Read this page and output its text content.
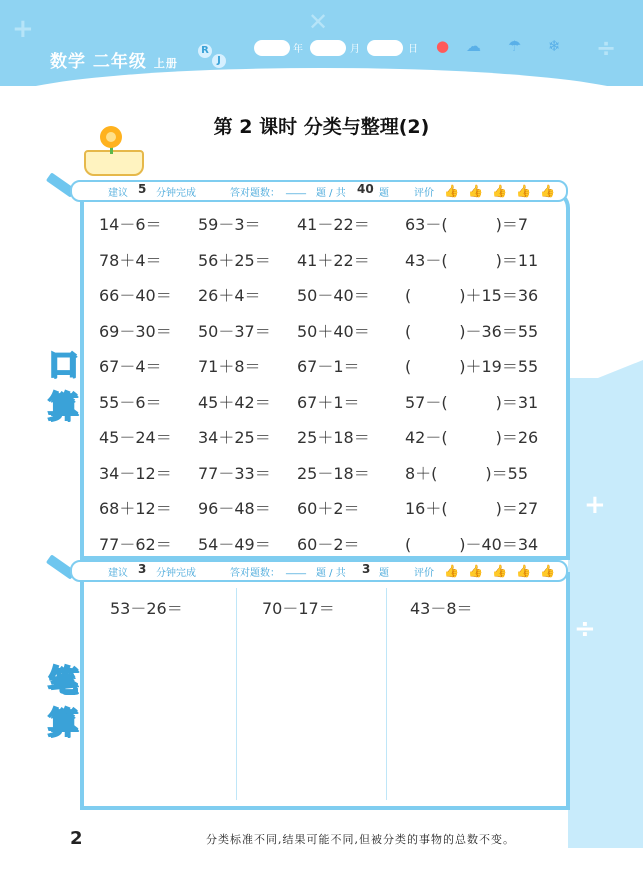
+	✕
÷
数学 二年级 上册
R
J
年	月	日 ● ☁ ☂ ❄
+
÷
第 2 课时 分类与整理(2)
建议 5 分钟完成	答对题数： ____ 题 / 共 40 题	评价 👍 👍 👍 👍 👍
口
算
14－6＝ 59－3＝ 41－22＝ 63－(　　　)＝7
78＋4＝ 56＋25＝ 41＋22＝ 43－(　　　)＝11
66－40＝ 26＋4＝ 50－40＝ (　　　)＋15＝36
69－30＝ 50－37＝ 50＋40＝ (　　　)－36＝55
67－4＝ 71＋8＝ 67－1＝	(　　　)＋19＝55
55－6＝ 45＋42＝ 67＋1＝	57－(　　　)＝31
45－24＝ 34＋25＝ 25＋18＝ 42－(　　　)＝26
34－12＝ 77－33＝ 25－18＝ 8＋(　　　)＝55
68＋12＝ 96－48＝ 60＋2＝	16＋(　　　)＝27
77－62＝ 54－49＝ 60－2＝	(　　　)－40＝34
建议 3 分钟完成	答对题数： ____ 题 / 共 3 题	评价 👍 👍 👍 👍 👍
53－26＝	70－17＝	43－8＝
笔
算
2	分类标准不同,结果可能不同,但被分类的事物的总数不变。
